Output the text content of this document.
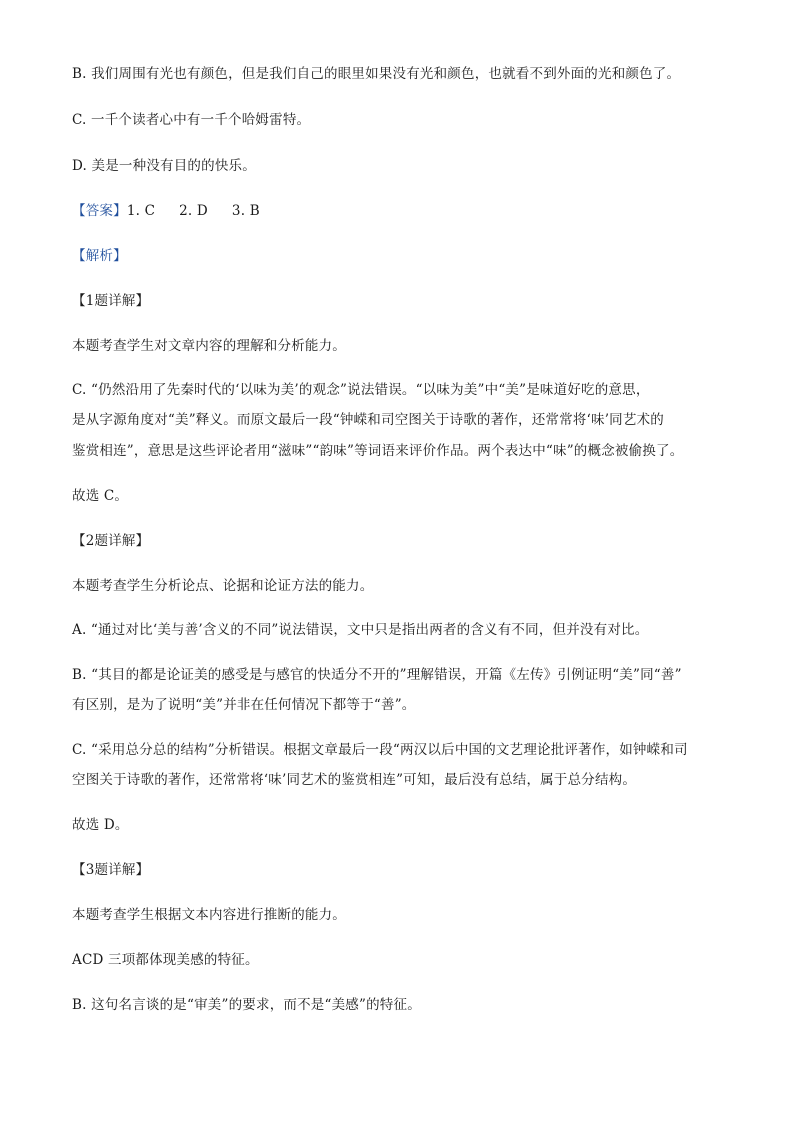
B. 我们周围有光也有颜色，但是我们自己的眼里如果没有光和颜色，也就看不到外面的光和颜色了。
C. 一千个读者心中有一千个哈姆雷特。
D. 美是一种没有目的的快乐。
【答案】1. C 2. D 3. B
【解析】
【1题详解】
本题考查学生对文章内容的理解和分析能力。
C. “仍然沿用了先秦时代的‘以味为美’的观念”说法错误。“以味为美”中“美”是味道好吃的意思，
是从字源角度对“美”释义。而原文最后一段“钟嵘和司空图关于诗歌的著作，还常常将‘味’同艺术的
鉴赏相连”，意思是这些评论者用“滋味”“韵味”等词语来评价作品。两个表达中“味”的概念被偷换了。
故选 C。
【2题详解】
本题考查学生分析论点、论据和论证方法的能力。
A. “通过对比‘美与善’含义的不同”说法错误，文中只是指出两者的含义有不同，但并没有对比。
B. “其目的都是论证美的感受是与感官的快适分不开的”理解错误，开篇《左传》引例证明“美”同“善”
有区别，是为了说明“美”并非在任何情况下都等于“善”。
C. “采用总分总的结构”分析错误。根据文章最后一段“两汉以后中国的文艺理论批评著作，如钟嵘和司
空图关于诗歌的著作，还常常将‘味’同艺术的鉴赏相连”可知，最后没有总结，属于总分结构。
故选 D。
【3题详解】
本题考查学生根据文本内容进行推断的能力。
ACD 三项都体现美感的特征。
B. 这句名言谈的是“审美”的要求，而不是“美感”的特征。
